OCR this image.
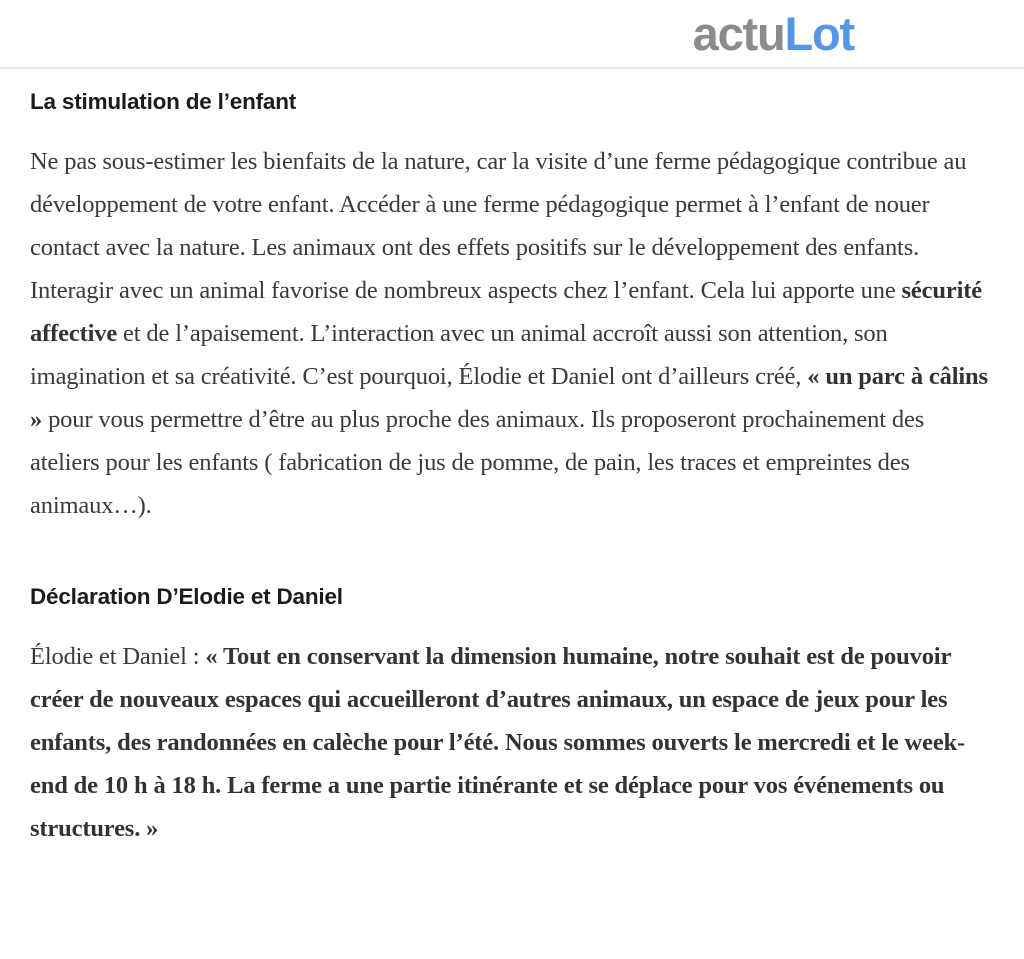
actuLot
La stimulation de l’enfant

Ne pas sous-estimer les bienfaits de la nature, car la visite d’une ferme pédagogique contribue au développement de votre enfant. Accéder à une ferme pédagogique permet à l’enfant de nouer contact avec la nature. Les animaux ont des effets positifs sur le développement des enfants. Interagir avec un animal favorise de nombreux aspects chez l’enfant. Cela lui apporte une sécurité affective et de l’apaisement. L’interaction avec un animal accroît aussi son attention, son imagination et sa créativité. C’est pourquoi, Élodie et Daniel ont d’ailleurs créé, « un parc à câlins » pour vous permettre d’être au plus proche des animaux. Ils proposeront prochainement des ateliers pour les enfants ( fabrication de jus de pomme, de pain, les traces et empreintes des animaux…).

Déclaration D’Elodie et Daniel

Élodie et Daniel : « Tout en conservant la dimension humaine, notre souhait est de pouvoir créer de nouveaux espaces qui accueilleront d’autres animaux, un espace de jeux pour les enfants, des randonnées en calèche pour l’été. Nous sommes ouverts le mercredi et le week-end de 10 h à 18 h. La ferme a une partie itinérante et se déplace pour vos événements ou structures. »
